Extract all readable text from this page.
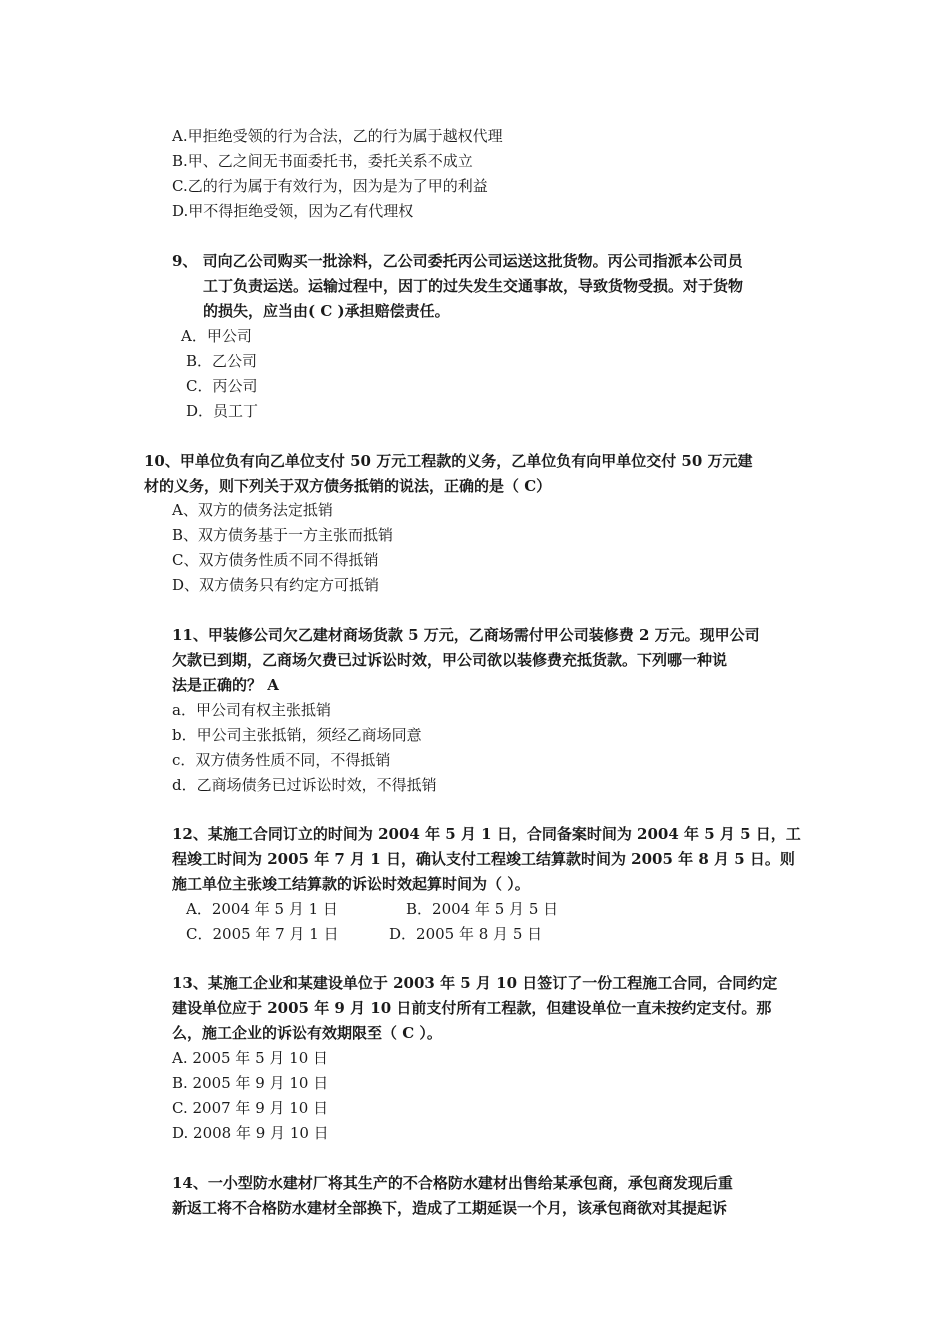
A.甲拒绝受领的行为合法，乙的行为属于越权代理
B.甲、乙之间无书面委托书，委托关系不成立
C.乙的行为属于有效行为，因为是为了甲的利益
D.甲不得拒绝受领，因为乙有代理权
9、 司向乙公司购买一批涂料，乙公司委托丙公司运送这批货物。丙公司指派本公司员
工丁负责运送。运输过程中，因丁的过失发生交通事故，导致货物受损。对于货物
的损失，应当由( C )承担赔偿责任。
A．甲公司
B．乙公司
C．丙公司
D．员工丁
10、甲单位负有向乙单位支付 50 万元工程款的义务，乙单位负有向甲单位交付 50 万元建
材的义务，则下列关于双方债务抵销的说法，正确的是（ C）
A、双方的债务法定抵销
B、双方债务基于一方主张而抵销
C、双方债务性质不同不得抵销
D、双方债务只有约定方可抵销
11、甲装修公司欠乙建材商场货款 5 万元，乙商场需付甲公司装修费 2 万元。现甲公司
欠款已到期，乙商场欠费已过诉讼时效，甲公司欲以装修费充抵货款。下列哪一种说
法是正确的？ A
a．甲公司有权主张抵销
b．甲公司主张抵销，须经乙商场同意
c．双方债务性质不同，不得抵销
d．乙商场债务已过诉讼时效，不得抵销
12、某施工合同订立的时间为 2004 年 5 月 1 日，合同备案时间为 2004 年 5 月 5 日，工
程竣工时间为 2005 年 7 月 1 日，确认支付工程竣工结算款时间为 2005 年 8 月 5 日。则
施工单位主张竣工结算款的诉讼时效起算时间为（ ）。
A．2004 年 5 月 1 日	B．2004 年 5 月 5 日
C．2005 年 7 月 1 日	D．2005 年 8 月 5 日
13、某施工企业和某建设单位于 2003 年 5 月 10 日签订了一份工程施工合同，合同约定
建设单位应于 2005 年 9 月 10 日前支付所有工程款，但建设单位一直未按约定支付。那
么，施工企业的诉讼有效期限至（ C ）。
A. 2005 年 5 月 10 日
B. 2005 年 9 月 10 日
C. 2007 年 9 月 10 日
D. 2008 年 9 月 10 日
14、一小型防水建材厂将其生产的不合格防水建材出售给某承包商，承包商发现后重
新返工将不合格防水建材全部换下，造成了工期延误一个月，该承包商欲对其提起诉
